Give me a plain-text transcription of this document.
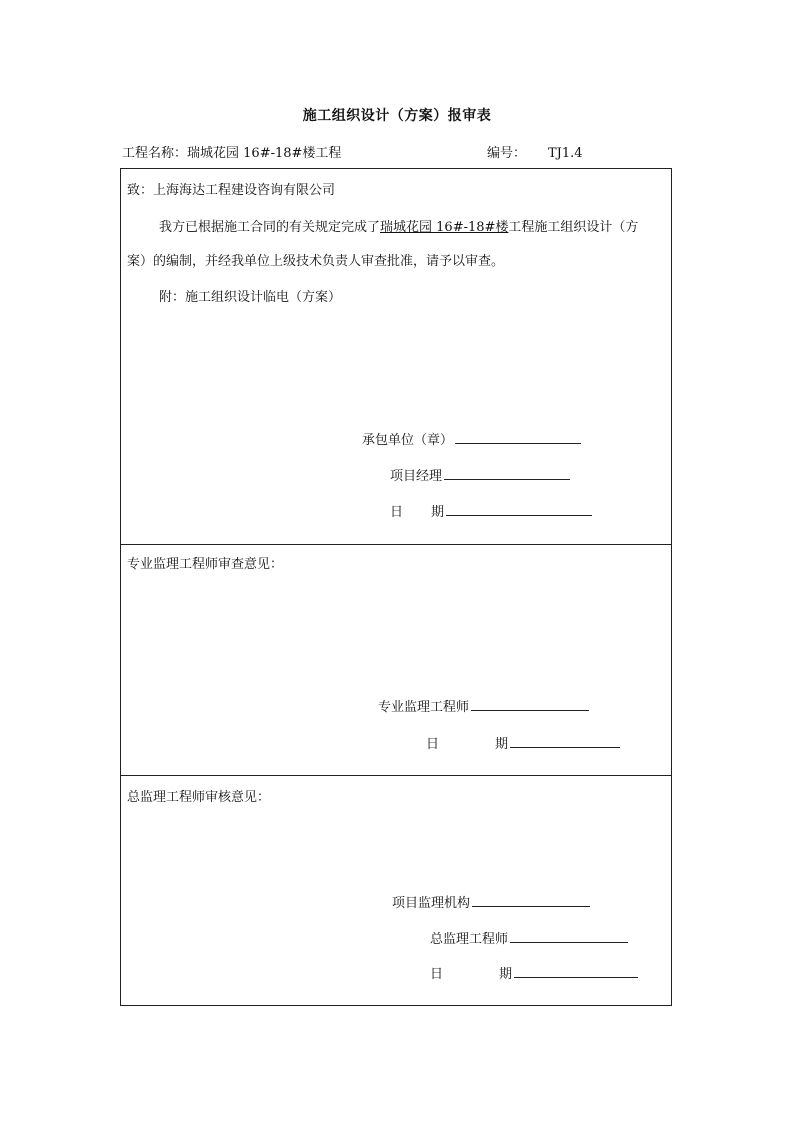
施工组织设计（方案）报审表
工程名称：瑞城花园 16#-18#楼工程	编号： TJ1.4
致：上海海达工程建设咨询有限公司
我方已根据施工合同的有关规定完成了瑞城花园 16#-18#楼工程施工组织设计（方
案）的编制，并经我单位上级技术负责人审查批准，请予以审查。
附：施工组织设计临电（方案）
承包单位（章）
项目经理
日 期
专业监理工程师审查意见：
专业监理工程师
日	期
总监理工程师审核意见：
项目监理机构
总监理工程师
日	期
